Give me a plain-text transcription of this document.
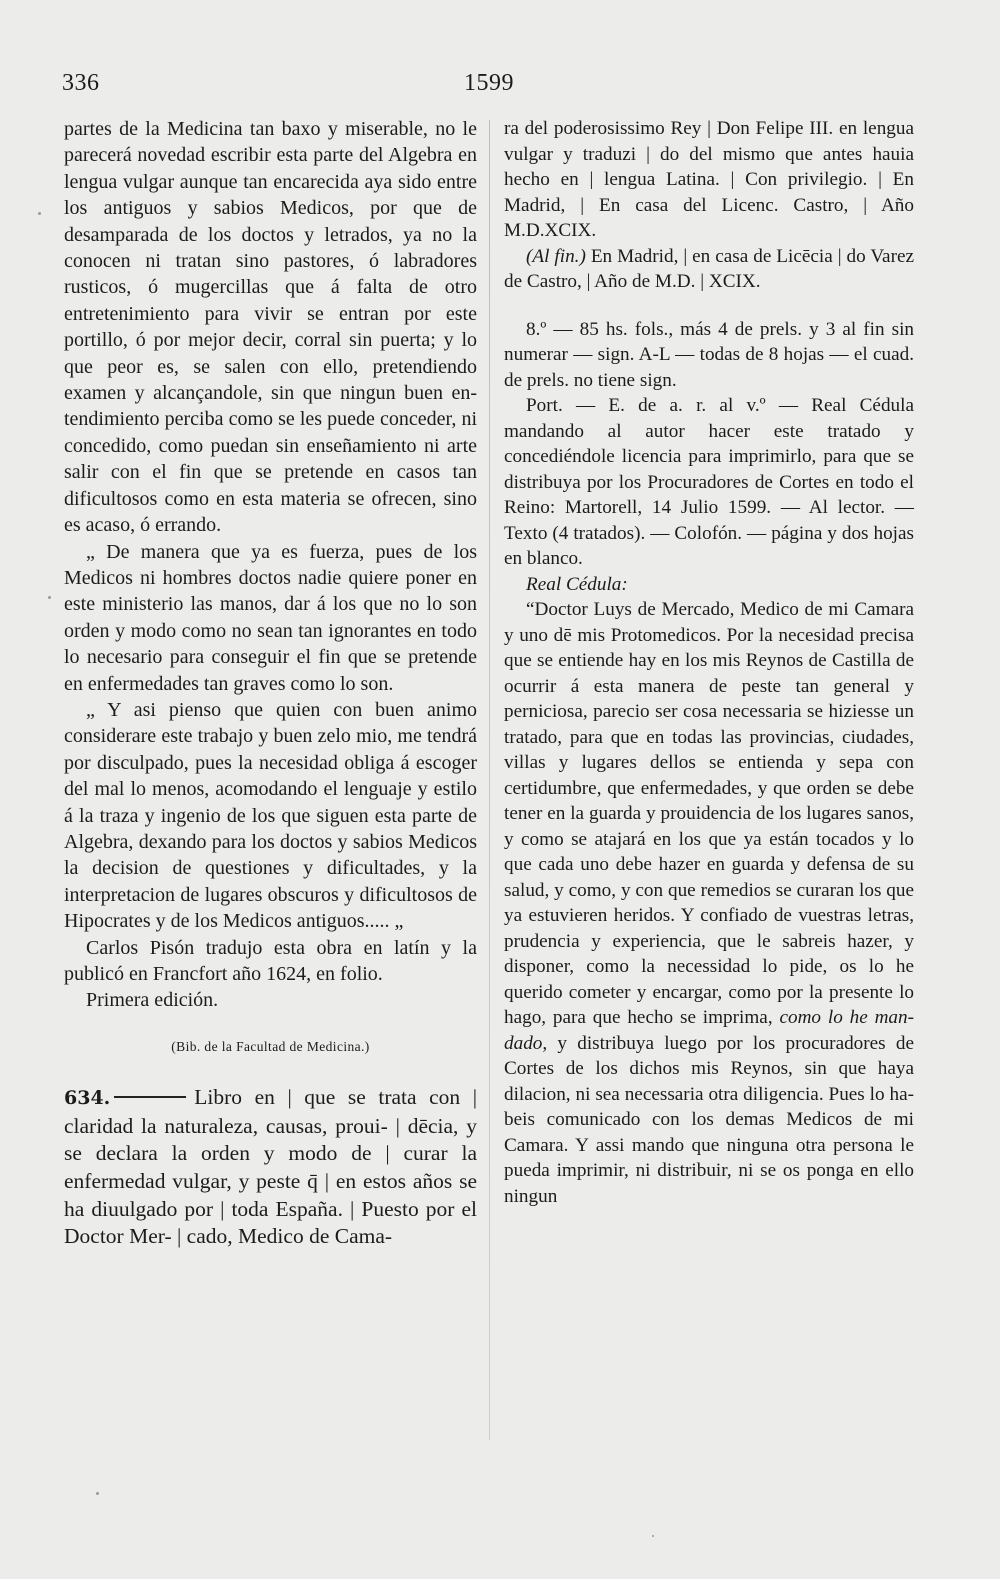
336	1599

partes de la Medicina tan baxo y miserable, no le parecerá novedad escribir esta parte del Algebra en lengua vulgar aunque tan encarecida aya sido entre los antiguos y sabios Medicos, por que de desamparada de los doctos y letrados, ya no la conocen ni tratan sino pastores, ó labradores rusticos, ó mugercillas que á falta de otro entretenimiento para vivir se entran por este portillo, ó por mejor decir, corral sin puerta; y lo que peor es, se salen con ello, pretendiendo examen y alcançandole, sin que ningun buen entendimiento perciba como se les puede conceder, ni concedido, como puedan sin enseñamiento ni arte salir con el fin que se pretende en casos tan dificultosos como en esta materia se ofrecen, sino es acaso, ó errando.

„ De manera que ya es fuerza, pues de los Medicos ni hombres doctos nadie quiere poner en este ministerio las manos, dar á los que no lo son orden y modo como no sean tan ignorantes en todo lo necesario para conseguir el fin que se pretende en enfermedades tan graves como lo son.

„ Y asi pienso que quien con buen animo considerare este trabajo y buen zelo mio, me tendrá por disculpado, pues la necesidad obliga á escoger del mal lo menos, acomodando el lenguaje y estilo á la traza y ingenio de los que siguen esta parte de Algebra, dexando para los doctos y sabios Medicos la decision de questiones y dificultades, y la interpretacion de lugares obscuros y dificultosos de Hipocrates y de los Medicos antiguos..... „

Carlos Pisón tradujo esta obra en latín y la publicó en Francfort año 1624, en folio.

Primera edición.

(Bib. de la Facultad de Medicina.)

634.	Libro en | que se trata con | claridad la naturaleza, causas, proui- | dēcia, y se declara la orden y modo de | curar la enfermedad vulgar, y peste q̄ | en estos años se ha diuulgado por | toda España. | Puesto por el Doctor Mer- | cado, Medico de Cama-

ra del poderosissimo Rey | Don Felipe III. en lengua vulgar y traduzi | do del mismo que antes hauia hecho en | lengua Latina. | Con privilegio. | En Madrid, | En casa del Licenc. Castro, | Año M.D.XCIX.

(Al fin.) En Madrid, | en casa de Licēcia | do Varez de Castro, | Año de M.D. | XCIX.

8.º — 85 hs. fols., más 4 de prels. y 3 al fin sin numerar — sign. A-L — todas de 8 hojas — el cuad. de prels. no tiene sign.

Port. — E. de a. r. al v.º — Real Cédula mandando al autor hacer este tratado y concediéndole licencia para imprimirlo, para que se distribuya por los Procuradores de Cortes en todo el Reino: Martorell, 14 Julio 1599. — Al lector. — Texto (4 tratados). — Colofón. — página y dos hojas en blanco.

Real Cédula:

“Doctor Luys de Mercado, Medico de mi Camara y uno dē mis Protomedicos. Por la necesidad precisa que se entiende hay en los mis Reynos de Castilla de ocurrir á esta manera de peste tan general y perniciosa, parecio ser cosa necessaria se hiziesse un tratado, para que en todas las provincias, ciudades, villas y lugares dellos se entienda y sepa con certidumbre, que enfermedades, y que orden se debe tener en la guarda y prouidencia de los lugares sanos, y como se atajará en los que ya están tocados y lo que cada uno debe hazer en guarda y defensa de su salud, y como, y con que remedios se curaran los que ya estuvieren heridos. Y confiado de vuestras letras, prudencia y experiencia, que le sabreis hazer, y disponer, como la necessidad lo pide, os lo he querido cometer y encargar, como por la presente lo hago, para que hecho se imprima, como lo he mandado, y distribuya luego por los procuradores de Cortes de los dichos mis Reynos, sin que haya dilacion, ni sea necessaria otra diligencia. Pues lo habeis comunicado con los demas Medicos de mi Camara. Y assi mando que ninguna otra persona le pueda imprimir, ni distribuir, ni se os ponga en ello ningun
